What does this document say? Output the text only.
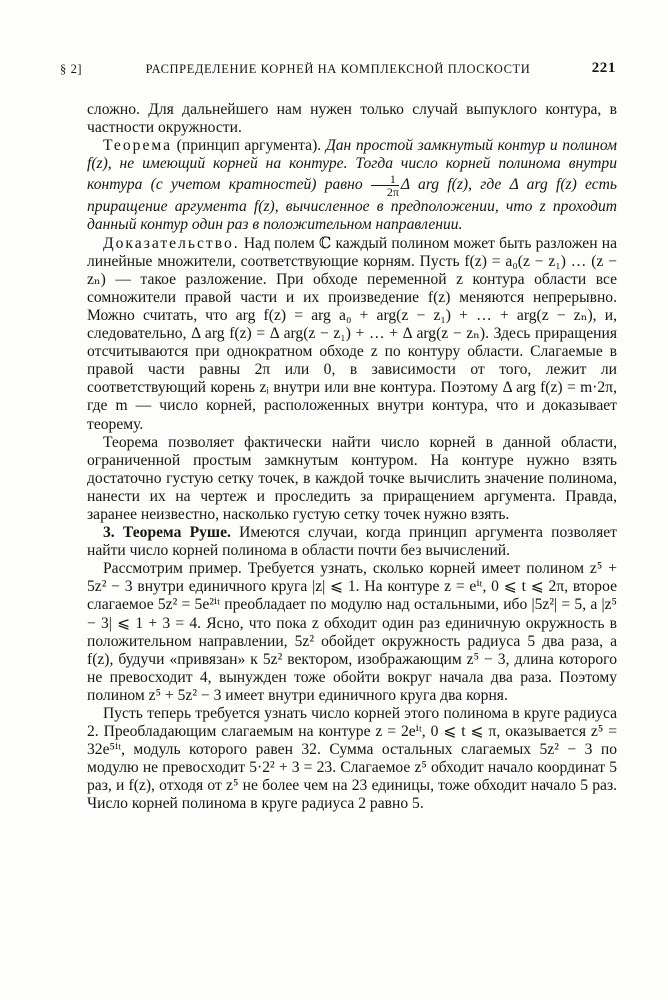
§ 2]	РАСПРЕДЕЛЕНИЕ КОРНЕЙ НА КОМПЛЕКСНОЙ ПЛОСКОСТИ	221

сложно. Для дальнейшего нам нужен только случай выпуклого контура, в частности окружности.

Теорема (принцип аргумента). Дан простой замкнутый контур и полином f(z), не имеющий корней на контуре. Тогда число корней полинома внутри контура (с учетом кратностей) равно $\frac{1}{2\pi}$ Δ arg f(z), где Δ arg f(z) есть приращение аргумента f(z), вычисленное в предположении, что z проходит данный контур один раз в положительном направлении.

Доказательство. Над полем ℂ каждый полином может быть разложен на линейные множители, соответствующие корням. Пусть f(z) = a₀(z − z₁) … (z − zₙ) — такое разложение. При обходе переменной z контура области все сомножители правой части и их произведение f(z) меняются непрерывно. Можно считать, что arg f(z) = arg a₀ + arg(z − z₁) + … + arg(z − zₙ), и, следовательно, Δ arg f(z) = Δ arg(z − z₁) + … + Δ arg(z − zₙ). Здесь приращения отсчитываются при однократном обходе z по контуру области. Слагаемые в правой части равны 2π или 0, в зависимости от того, лежит ли соответствующий корень zᵢ внутри или вне контура. Поэтому Δ arg f(z) = m·2π, где m — число корней, расположенных внутри контура, что и доказывает теорему.

Теорема позволяет фактически найти число корней в данной области, ограниченной простым замкнутым контуром. На контуре нужно взять достаточно густую сетку точек, в каждой точке вычислить значение полинома, нанести их на чертеж и проследить за приращением аргумента. Правда, заранее неизвестно, насколько густую сетку точек нужно взять.

3. Теорема Руше. Имеются случаи, когда принцип аргумента позволяет найти число корней полинома в области почти без вычислений.

Рассмотрим пример. Требуется узнать, сколько корней имеет полином z⁵ + 5z² − 3 внутри единичного круга |z| ⩽ 1. На контуре z = eⁱᵗ, 0 ⩽ t ⩽ 2π, второе слагаемое 5z² = 5e²ⁱᵗ преобладает по модулю над остальными, ибо |5z²| = 5, а |z⁵ − 3| ⩽ 1 + 3 = 4. Ясно, что пока z обходит один раз единичную окружность в положительном направлении, 5z² обойдет окружность радиуса 5 два раза, а f(z), будучи «привязан» к 5z² вектором, изображающим z⁵ − 3, длина которого не превосходит 4, вынужден тоже обойти вокруг начала два раза. Поэтому полином z⁵ + 5z² − 3 имеет внутри единичного круга два корня.

Пусть теперь требуется узнать число корней этого полинома в круге радиуса 2. Преобладающим слагаемым на контуре z = 2eⁱᵗ, 0 ⩽ t ⩽ π, оказывается z⁵ = 32e⁵ⁱᵗ, модуль которого равен 32. Сумма остальных слагаемых 5z² − 3 по модулю не превосходит 5·2² + 3 = 23. Слагаемое z⁵ обходит начало координат 5 раз, и f(z), отходя от z⁵ не более чем на 23 единицы, тоже обходит начало 5 раз. Число корней полинома в круге радиуса 2 равно 5.
